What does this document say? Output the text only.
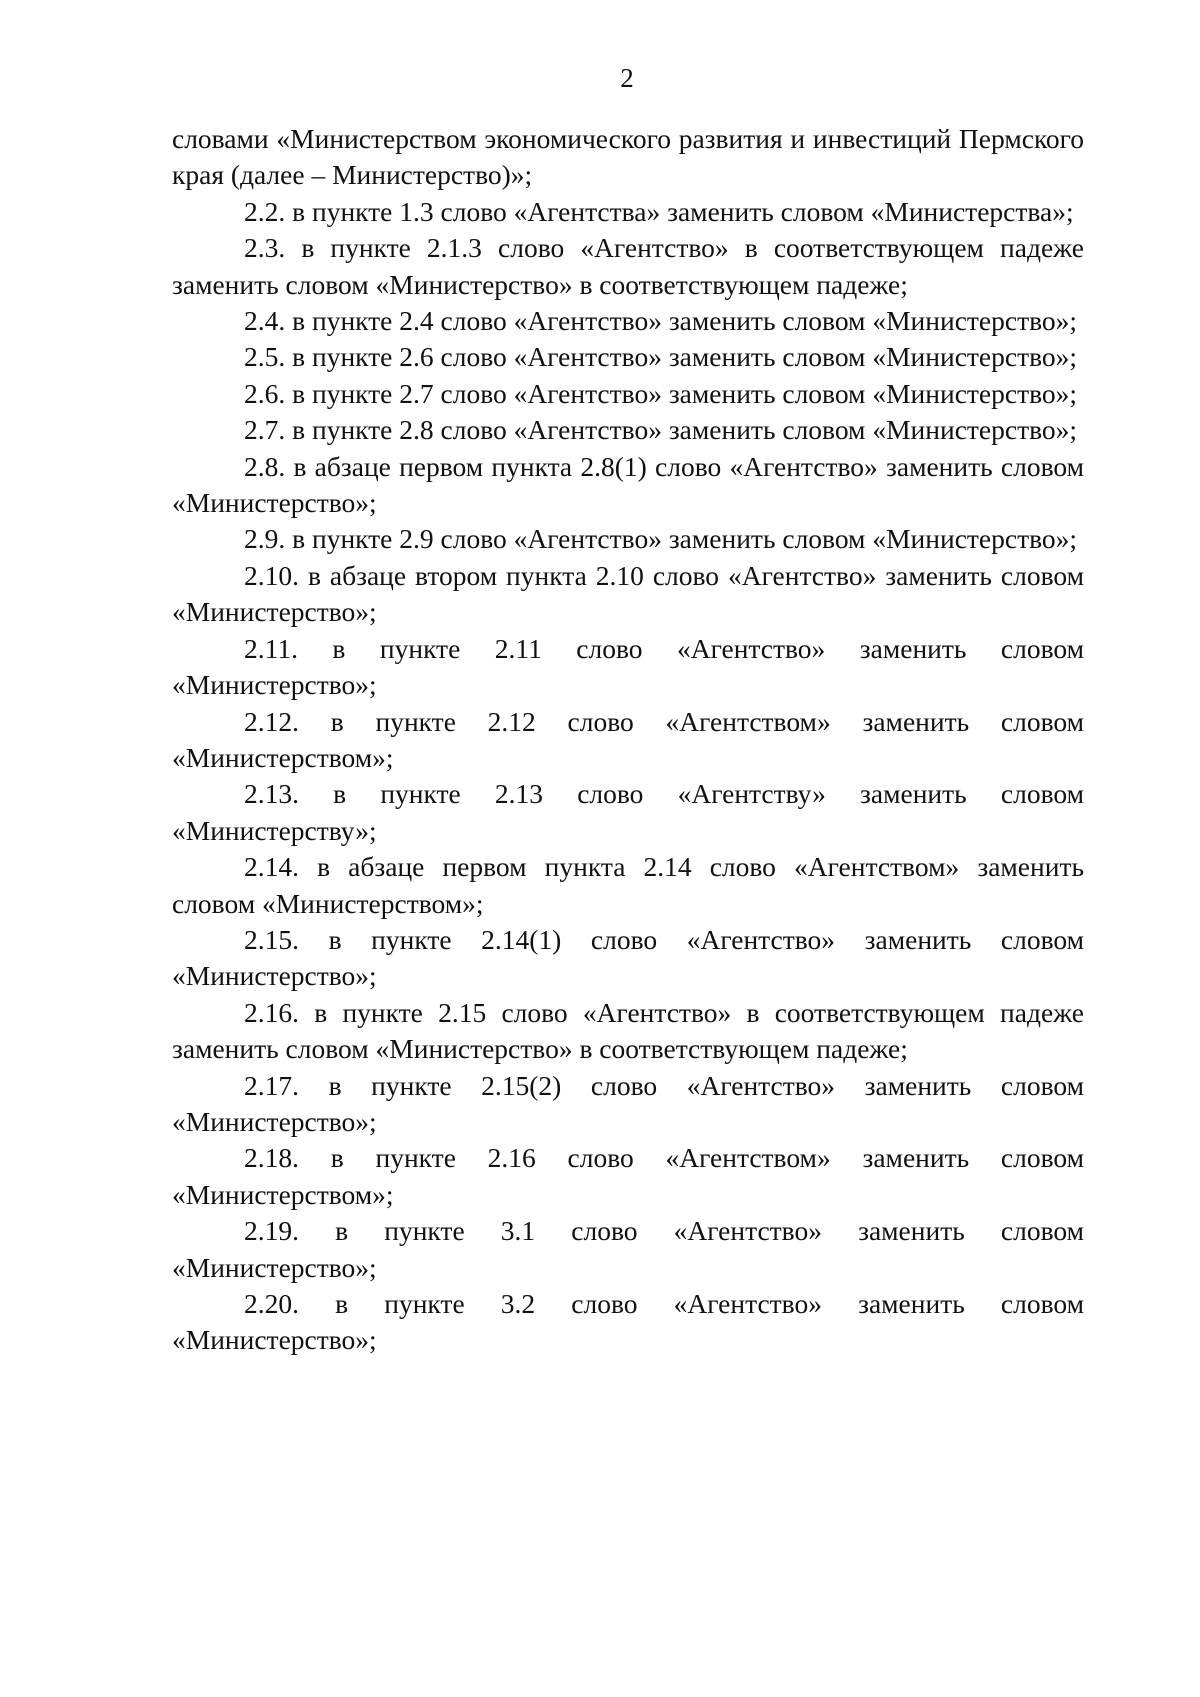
2

словами «Министерством экономического развития и инвестиций Пермского края (далее – Министерство)»;

2.2. в пункте 1.3 слово «Агентства» заменить словом «Министерства»;

2.3. в пункте 2.1.3 слово «Агентство» в соответствующем падеже заменить словом «Министерство» в соответствующем падеже;

2.4. в пункте 2.4 слово «Агентство» заменить словом «Министерство»;

2.5. в пункте 2.6 слово «Агентство» заменить словом «Министерство»;

2.6. в пункте 2.7 слово «Агентство» заменить словом «Министерство»;

2.7. в пункте 2.8 слово «Агентство» заменить словом «Министерство»;

2.8. в абзаце первом пункта 2.8(1) слово «Агентство» заменить словом «Министерство»;

2.9. в пункте 2.9 слово «Агентство» заменить словом «Министерство»;

2.10. в абзаце втором пункта 2.10 слово «Агентство» заменить словом «Министерство»;

2.11. в пункте 2.11 слово «Агентство» заменить словом «Министерство»;

2.12. в пункте 2.12 слово «Агентством» заменить словом «Министерством»;

2.13. в пункте 2.13 слово «Агентству» заменить словом «Министерству»;

2.14. в абзаце первом пункта 2.14 слово «Агентством» заменить словом «Министерством»;

2.15. в пункте 2.14(1) слово «Агентство» заменить словом «Министерство»;

2.16. в пункте 2.15 слово «Агентство» в соответствующем падеже заменить словом «Министерство» в соответствующем падеже;

2.17. в пункте 2.15(2) слово «Агентство» заменить словом «Министерство»;

2.18. в пункте 2.16 слово «Агентством» заменить словом «Министерством»;

2.19. в пункте 3.1 слово «Агентство» заменить словом «Министерство»;

2.20. в пункте 3.2 слово «Агентство» заменить словом «Министерство»;
